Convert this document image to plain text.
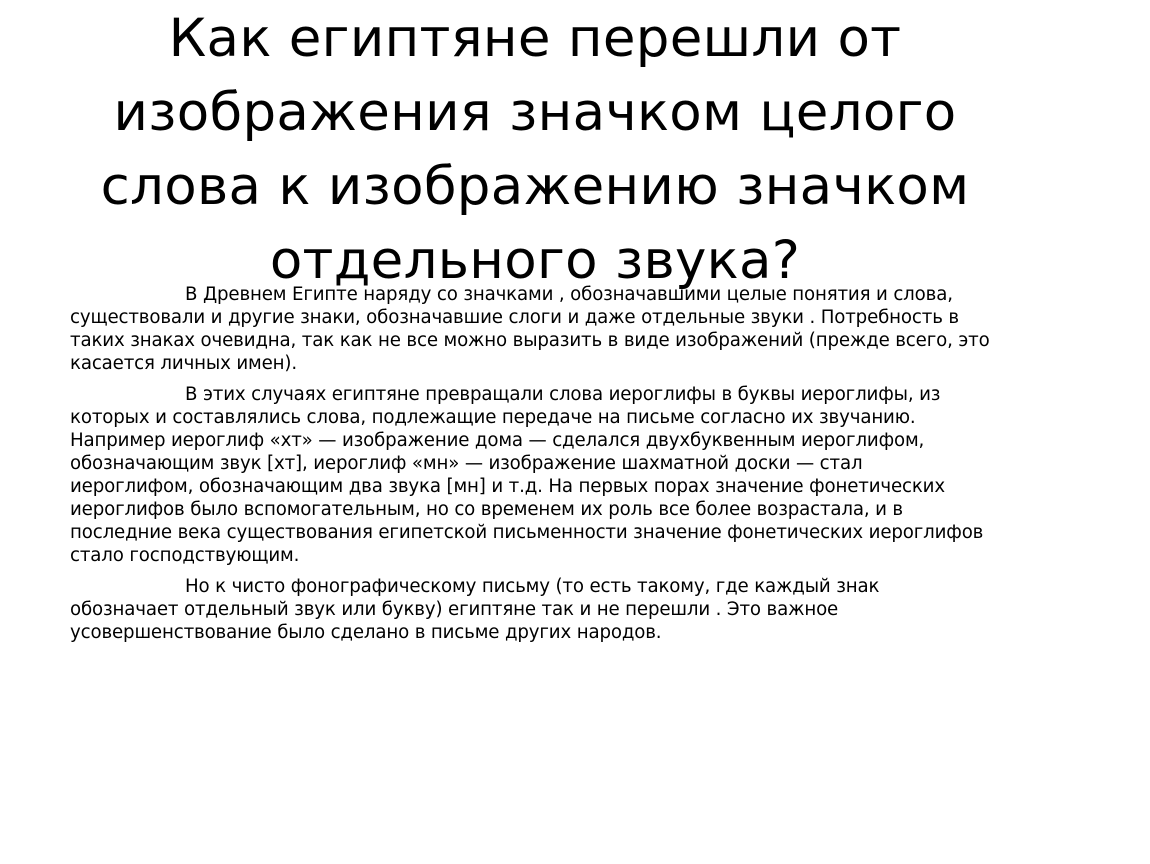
Как египтяне перешли от изображения значком целого слова к изображению значком отдельного звука?

В Древнем Египте наряду со значками , обозначавшими целые понятия и слова, существовали и другие знаки, обозначавшие слоги и даже отдельные звуки . Потребность в таких знаках очевидна, так как не все можно выразить в виде изображений (прежде всего, это касается личных имен).

В этих случаях египтяне превращали слова иероглифы в буквы иероглифы, из которых и составлялись слова, подлежащие передаче на письме согласно их звучанию. Например иероглиф «хт» — изображение дома — сделался двухбуквенным иероглифом, обозначающим звук [хт], иероглиф «мн» — изображение шахматной доски — стал иероглифом, обозначающим два звука [мн] и т.д. На первых порах значение фонетических иероглифов было вспомогательным, но со временем их роль все более возрастала, и в последние века существования египетской письменности значение фонетических иероглифов стало господствующим.

Но к чисто фонографическому письму (то есть такому, где каждый знак обозначает отдельный звук или букву) египтяне так и не перешли . Это важное усовершенствование было сделано в письме других народов.
